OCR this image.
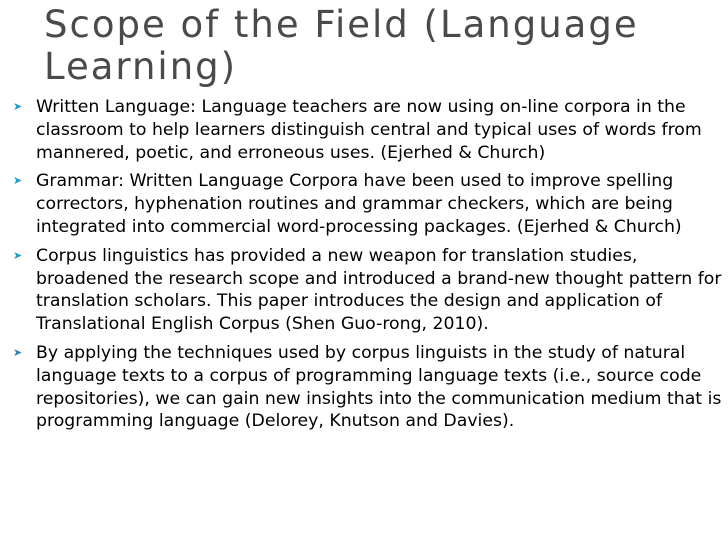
Scope of the Field (Language Learning)
➤ Written Language: Language teachers are now using on-line corpora in the classroom to help learners distinguish central and typical uses of words from mannered, poetic, and erroneous uses. (Ejerhed & Church)
➤ Grammar: Written Language Corpora have been used to improve spelling correctors, hyphenation routines and grammar checkers, which are being integrated into commercial word-processing packages. (Ejerhed & Church)
➤ Corpus linguistics has provided a new weapon for translation studies, broadened the research scope and introduced a brand-new thought pattern for translation scholars. This paper introduces the design and application of Translational English Corpus (Shen Guo-rong, 2010).
➤ By applying the techniques used by corpus linguists in the study of natural language texts to a corpus of programming language texts (i.e., source code repositories), we can gain new insights into the communication medium that is programming language (Delorey, Knutson and Davies).
